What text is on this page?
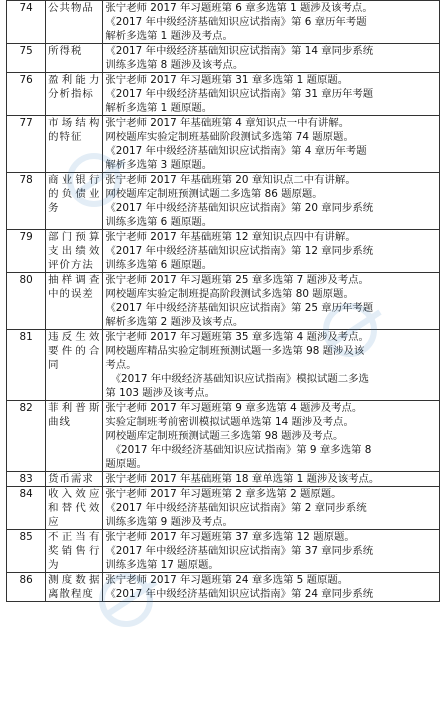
74	公共物品	张宁老师 2017 年习题班第 6 章多选第 1 题涉及该考点。
《2017 年中级经济基础知识应试指南》第 6 章历年考题
解析多选第 1 题涉及考点。

75	所得税	《2017 年中级经济基础知识应试指南》第 14 章同步系统
训练多选第 8 题涉及该考点。

76	盈利能力分析指标	张宁老师 2017 年习题班第 31 章多选第 1 题原题。
《2017 年中级经济基础知识应试指南》第 31 章历年考题
解析多选第 1 题原题。

77	市场结构的特征	张宁老师 2017 年基础班第 4 章知识点一中有讲解。
网校题库实验定制班基础阶段测试多选第 74 题原题。
《2017 年中级经济基础知识应试指南》第 4 章历年考题
解析多选第 3 题原题。

78	商业银行的负债业务	张宁老师 2017 年基础班第 20 章知识点二中有讲解。
网校题库定制班预测试题二多选第 86 题原题。
《2017 年中级经济基础知识应试指南》第 20 章同步系统
训练多选第 6 题原题。

79	部门预算支出绩效评价方法	张宁老师 2017 年基础班第 12 章知识点四中有讲解。
《2017 年中级经济基础知识应试指南》第 12 章同步系统
训练多选第 6 题原题。

80	抽样调查中的误差	张宁老师 2017 年习题班第 25 章多选第 7 题涉及考点。
网校题库实验定制班提高阶段测试多选第 80 题原题。
《2017 年中级经济基础知识应试指南》第 25 章历年考题
解析多选第 2 题涉及该考点。

81	违反生效要件的合同	张宁老师 2017 年习题班第 35 章多选第 4 题涉及考点。
网校题库精品实验定制班预测试题一多选第 98 题涉及该
考点。
　《2017 年中级经济基础知识应试指南》模拟试题二多选
第 103 题涉及该考点。

82	菲利普斯曲线	张宁老师 2017 年习题班第 9 章多选第 4 题涉及考点。
实验定制班考前密训模拟试题单选第 14 题涉及考点。
网校题库定制班预测试题三多选第 98 题涉及考点。
　《2017 年中级经济基础知识应试指南》第 9 章多选第 8
题原题。

83	货币需求	张宁老师 2017 年基础班第 18 章单选第 1 题涉及该考点。

84	收入效应和替代效应	张宁老师 2017 年习题班第 2 章多选第 2 题原题。
《2017 年中级经济基础知识应试指南》第 2 章同步系统
训练多选第 9 题涉及考点。

85	不正当有奖销售行为	张宁老师 2017 年习题班第 37 章多选第 12 题原题。
《2017 年中级经济基础知识应试指南》第 37 章同步系统
训练多选第 17 题原题。

86	测度数据离散程度	张宁老师 2017 年习题班第 24 章多选第 5 题原题。
《2017 年中级经济基础知识应试指南》第 24 章同步系统
